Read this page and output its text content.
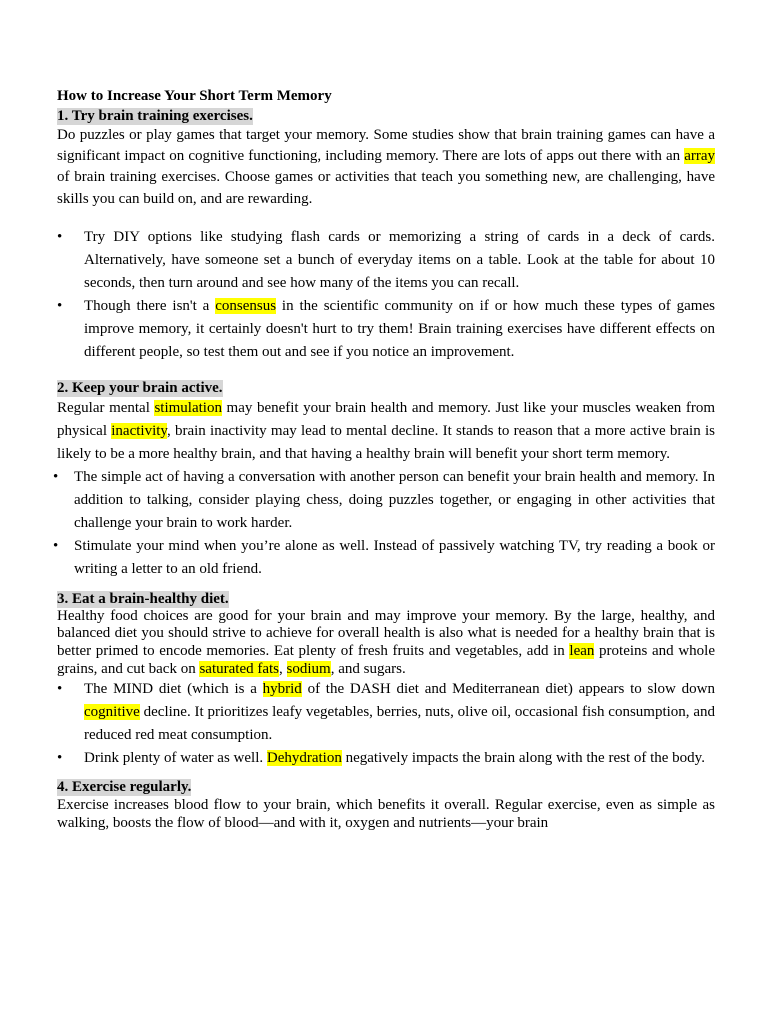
How to Increase Your Short Term Memory
1. Try brain training exercises.

Do puzzles or play games that target your memory. Some studies show that brain training games can have a significant impact on cognitive functioning, including memory. There are lots of apps out there with an array of brain training exercises. Choose games or activities that teach you something new, are challenging, have skills you can build on, and are rewarding.

•	Try DIY options like studying flash cards or memorizing a string of cards in a deck of cards. Alternatively, have someone set a bunch of everyday items on a table. Look at the table for about 10 seconds, then turn around and see how many of the items you can recall.
•	Though there isn't a consensus in the scientific community on if or how much these types of games improve memory, it certainly doesn't hurt to try them! Brain training exercises have different effects on different people, so test them out and see if you notice an improvement.
2. Keep your brain active.

Regular mental stimulation may benefit your brain health and memory. Just like your muscles weaken from physical inactivity, brain inactivity may lead to mental decline. It stands to reason that a more active brain is likely to be a more healthy brain, and that having a healthy brain will benefit your short term memory.

•	The simple act of having a conversation with another person can benefit your brain health and memory. In addition to talking, consider playing chess, doing puzzles together, or engaging in other activities that challenge your brain to work harder.
•	Stimulate your mind when you’re alone as well. Instead of passively watching TV, try reading a book or writing a letter to an old friend.
3. Eat a brain-healthy diet.

Healthy food choices are good for your brain and may improve your memory. By the large, healthy, and balanced diet you should strive to achieve for overall health is also what is needed for a healthy brain that is better primed to encode memories. Eat plenty of fresh fruits and vegetables, add in lean proteins and whole grains, and cut back on saturated fats, sodium, and sugars.

•	The MIND diet (which is a hybrid of the DASH diet and Mediterranean diet) appears to slow down cognitive decline. It prioritizes leafy vegetables, berries, nuts, olive oil, occasional fish consumption, and reduced red meat consumption.
•	Drink plenty of water as well. Dehydration negatively impacts the brain along with the rest of the body.
4. Exercise regularly.

Exercise increases blood flow to your brain, which benefits it overall. Regular exercise, even as simple as walking, boosts the flow of blood—and with it, oxygen and nutrients—your brain
